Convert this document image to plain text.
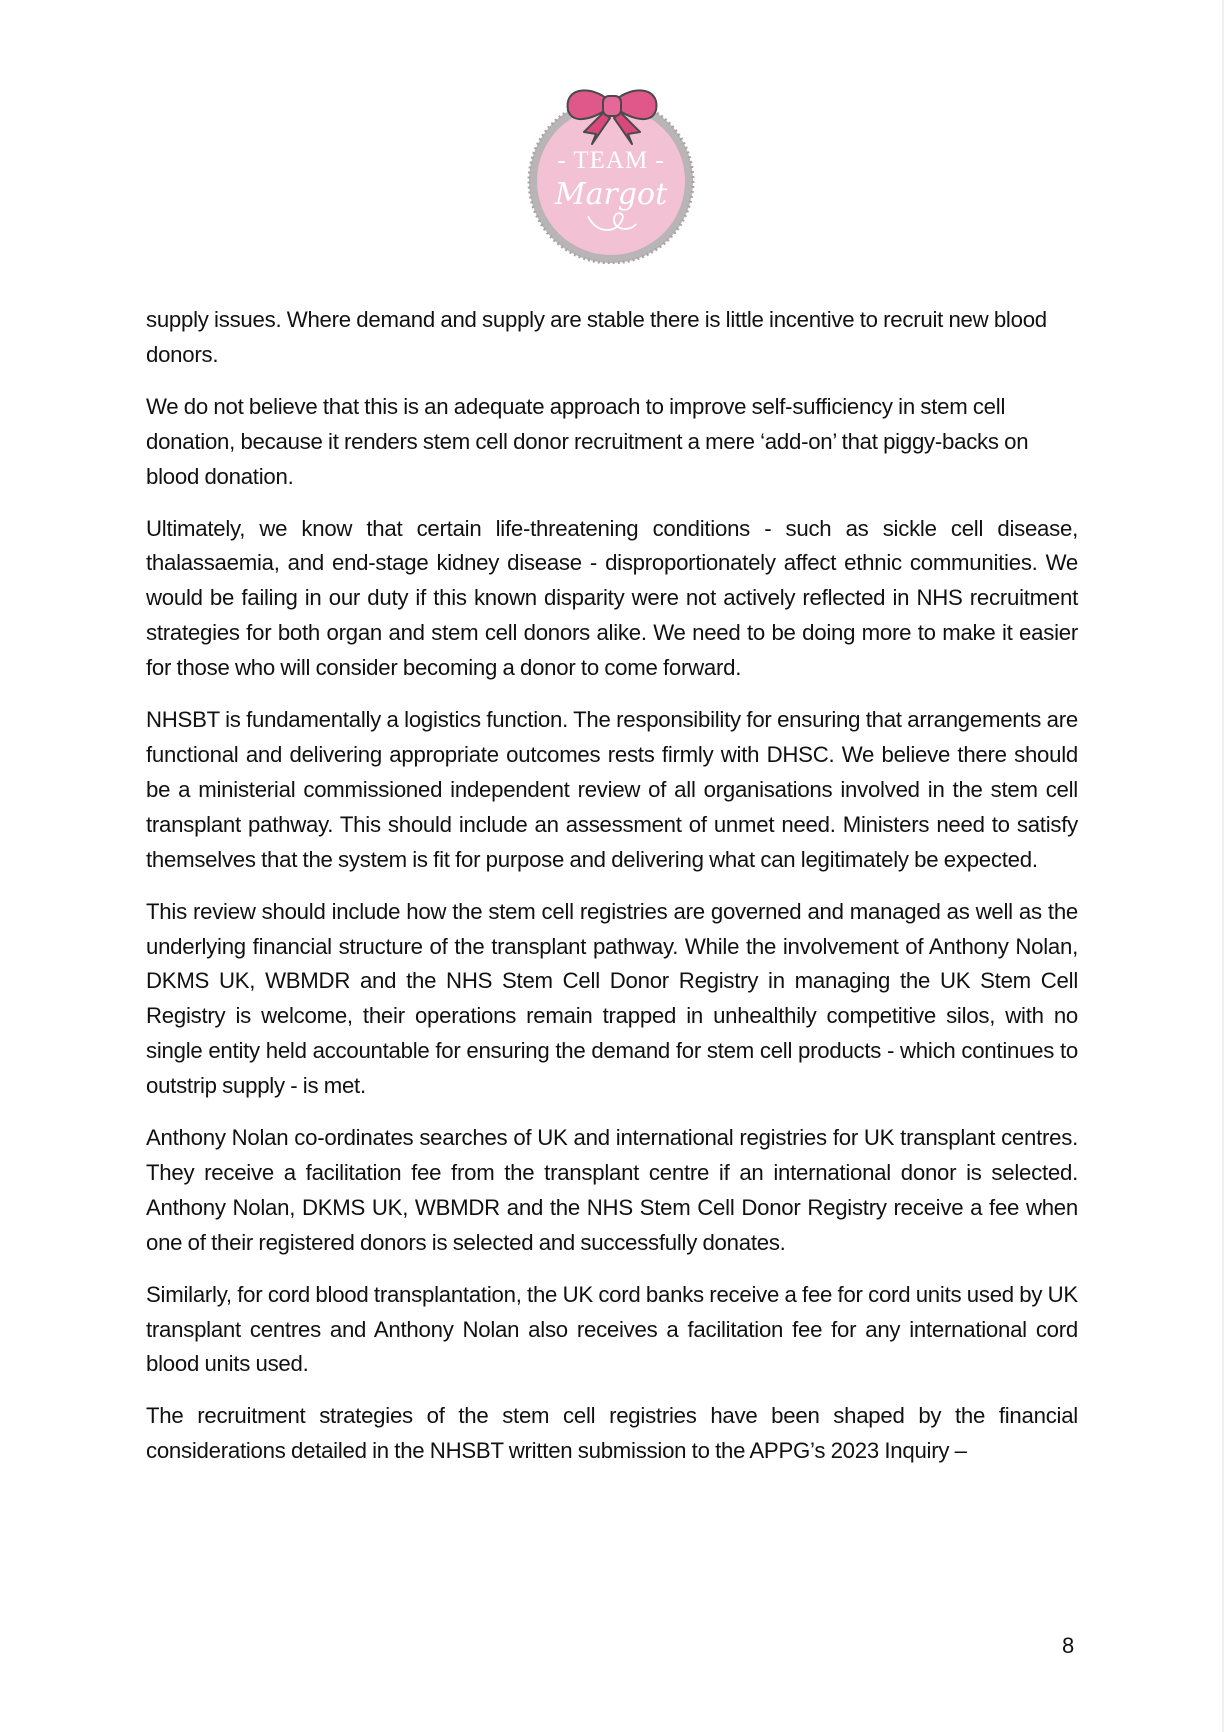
- TEAM -
Margot

supply issues. Where demand and supply are stable there is little incentive to recruit new blood donors.

We do not believe that this is an adequate approach to improve self-sufficiency in stem cell donation, because it renders stem cell donor recruitment a mere ‘add-on’ that piggy-backs on blood donation.

Ultimately, we know that certain life-threatening conditions - such as sickle cell disease, thalassaemia, and end-stage kidney disease - disproportionately affect ethnic communities. We would be failing in our duty if this known disparity were not actively reflected in NHS recruitment strategies for both organ and stem cell donors alike. We need to be doing more to make it easier for those who will consider becoming a donor to come forward.

NHSBT is fundamentally a logistics function. The responsibility for ensuring that arrangements are functional and delivering appropriate outcomes rests firmly with DHSC. We believe there should be a ministerial commissioned independent review of all organisations involved in the stem cell transplant pathway. This should include an assessment of unmet need. Ministers need to satisfy themselves that the system is fit for purpose and delivering what can legitimately be expected.

This review should include how the stem cell registries are governed and managed as well as the underlying financial structure of the transplant pathway. While the involvement of Anthony Nolan, DKMS UK, WBMDR and the NHS Stem Cell Donor Registry in managing the UK Stem Cell Registry is welcome, their operations remain trapped in unhealthily competitive silos, with no single entity held accountable for ensuring the demand for stem cell products - which continues to outstrip supply - is met.

Anthony Nolan co-ordinates searches of UK and international registries for UK transplant centres. They receive a facilitation fee from the transplant centre if an international donor is selected. Anthony Nolan, DKMS UK, WBMDR and the NHS Stem Cell Donor Registry receive a fee when one of their registered donors is selected and successfully donates.

Similarly, for cord blood transplantation, the UK cord banks receive a fee for cord units used by UK transplant centres and Anthony Nolan also receives a facilitation fee for any international cord blood units used.

The recruitment strategies of the stem cell registries have been shaped by the financial considerations detailed in the NHSBT written submission to the APPG’s 2023 Inquiry –

8
